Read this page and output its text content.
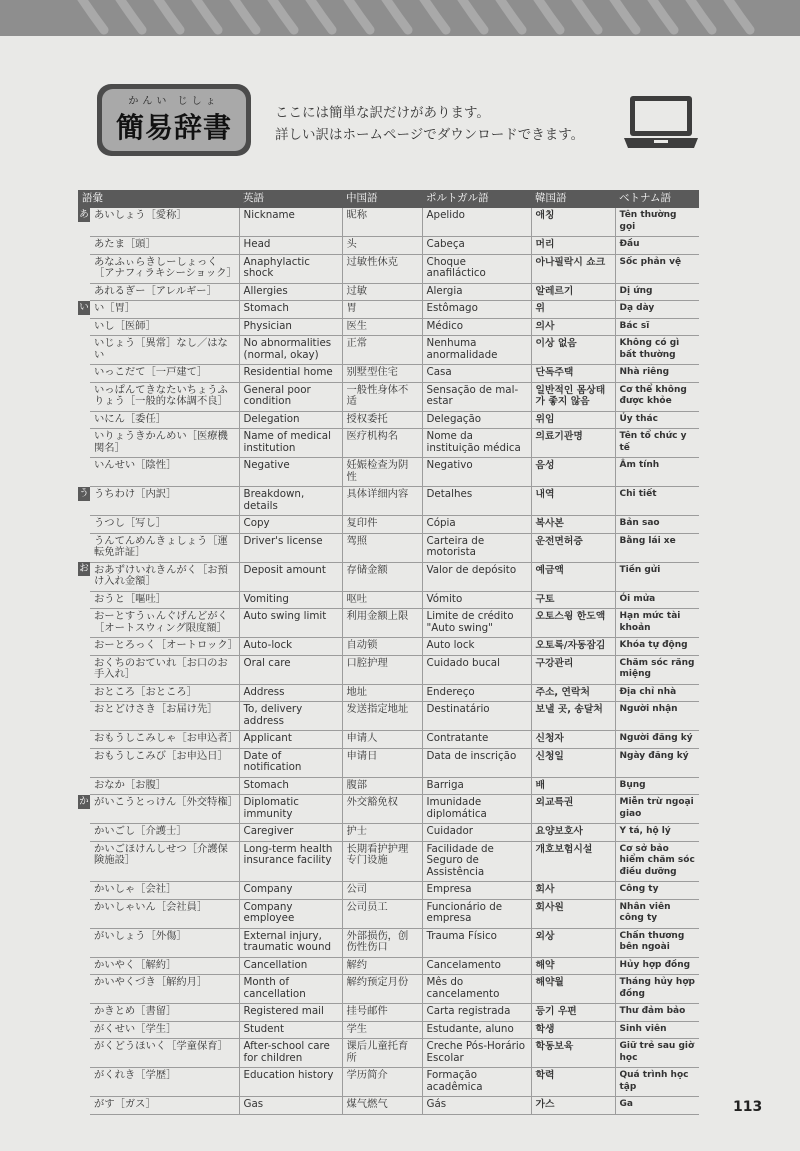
かんい じしょ
簡易辞書	ここには簡単な訳だけがあります。
詳しい訳はホームページでダウンロードできます。
語彙		英語	中国語	ポルトガル語	韓国語	ベトナム語

あ	あいしょう［愛称］	Nickname	昵称	Apelido	애칭	Tên thường gọi
	あたま［頭］	Head	头	Cabeça	머리	Đầu
	あなふぃらきしーしょっく［アナフィラキシーショック］	Anaphylactic shock	过敏性休克	Choque anafiláctico	아나필락시 쇼크	Sốc phản vệ
	あれるぎー［アレルギー］	Allergies	过敏	Alergia	알레르기	Dị ứng

い	い［胃］	Stomach	胃	Estômago	위	Dạ dày
	いし［医師］	Physician	医生	Médico	의사	Bác sĩ
	いじょう［異常］なし／はない	No abnormalities (normal, okay)	正常	Nenhuma anormalidade	이상 없음	Không có gì bất thường
	いっこだて［一戸建て］	Residential home	别墅型住宅	Casa	단독주택	Nhà riêng
	いっぱんてきなたいちょうふりょう［一般的な体調不良］	General poor condition	一般性身体不适	Sensação de mal-estar	일반적인 몸상태가 좋지 않음	Cơ thể không được khỏe
	いにん［委任］	Delegation	授权委托	Delegação	위임	Ủy thác
	いりょうきかんめい［医療機関名］	Name of medical institution	医疗机构名	Nome da instituição médica	의료기관명	Tên tổ chức y tế
	いんせい［陰性］	Negative	妊娠检查为阴性	Negativo	음성	Âm tính

う	うちわけ［内訳］	Breakdown, details	具体详细内容	Detalhes	내역	Chi tiết
	うつし［写し］	Copy	复印件	Cópia	복사본	Bản sao
	うんてんめんきょしょう［運転免許証］	Driver's license	驾照	Carteira de motorista	운전면허증	Bằng lái xe

お	おあずけいれきんがく［お預け入れ金額］	Deposit amount	存储金额	Valor de depósito	예금액	Tiền gửi
	おうと［嘔吐］	Vomiting	呕吐	Vómito	구토	Ói mửa
	おーとすうぃんぐげんどがく［オートスウィング限度額］	Auto swing limit	利用金额上限	Limite de crédito "Auto swing"	오토스윙 한도액	Hạn mức tài khoản
	おーとろっく［オートロック］	Auto-lock	自动锁	Auto lock	오토록/자동잠김	Khóa tự động
	おくちのおていれ［お口のお手入れ］	Oral care	口腔护理	Cuidado bucal	구강관리	Chăm sóc răng miệng
	おところ［おところ］	Address	地址	Endereço	주소, 연락처	Địa chỉ nhà
	おとどけさき［お届け先］	To, delivery address	发送指定地址	Destinatário	보낼 곳, 송달처	Người nhận
	おもうしこみしゃ［お申込者］	Applicant	申请人	Contratante	신청자	Người đăng ký
	おもうしこみび［お申込日］	Date of notification	申请日	Data de inscrição	신청일	Ngày đăng ký
	おなか［お腹］	Stomach	腹部	Barriga	배	Bụng

か	がいこうとっけん［外交特権］	Diplomatic immunity	外交豁免权	Imunidade diplomática	외교특권	Miễn trừ ngoại giao
	かいごし［介護士］	Caregiver	护士	Cuidador	요양보호사	Y tá, hộ lý
	かいごほけんしせつ［介護保険施設］	Long-term health insurance facility	长期看护护理专门设施	Facilidade de Seguro de Assistência	개호보험시설	Cơ sở bảo hiểm chăm sóc điều dưỡng
	かいしゃ［会社］	Company	公司	Empresa	회사	Công ty
	かいしゃいん［会社員］	Company employee	公司员工	Funcionário de empresa	회사원	Nhân viên công ty
	がいしょう［外傷］	External injury, traumatic wound	外部损伤，创伤性伤口	Trauma Físico	외상	Chấn thương bên ngoài
	かいやく［解約］	Cancellation	解约	Cancelamento	해약	Hủy hợp đồng
	かいやくづき［解約月］	Month of cancellation	解约预定月份	Mês do cancelamento	해약월	Tháng hủy hợp đồng
	かきとめ［書留］	Registered mail	挂号邮件	Carta registrada	등기 우편	Thư đảm bảo
	がくせい［学生］	Student	学生	Estudante, aluno	학생	Sinh viên
	がくどうほいく［学童保育］	After-school care for children	课后儿童托育所	Creche Pós-Horário Escolar	학동보육	Giữ trẻ sau giờ học
	がくれき［学歴］	Education history	学历简介	Formação acadêmica	학력	Quá trình học tập
	がす［ガス］	Gas	煤气燃气	Gás	가스	Ga	113
